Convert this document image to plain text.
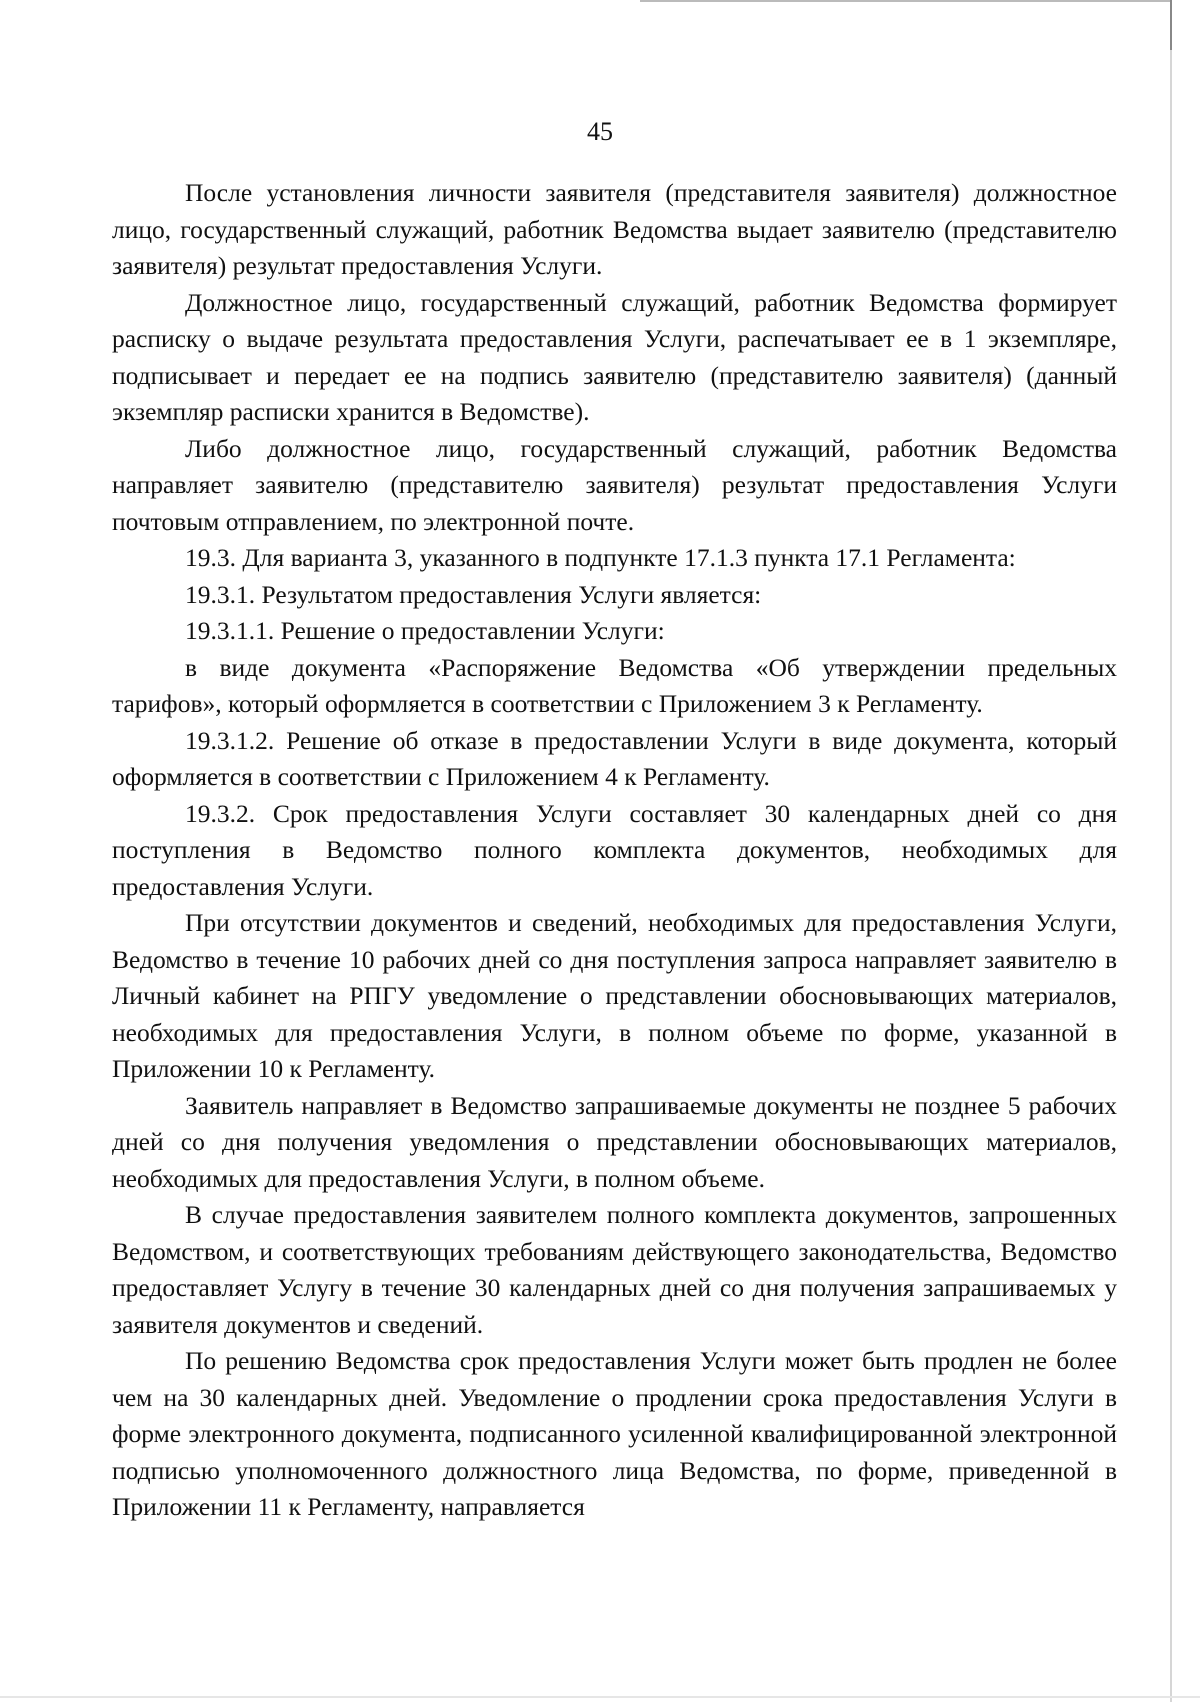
45

После установления личности заявителя (представителя заявителя) должностное лицо, государственный служащий, работник Ведомства выдает заявителю (представителю заявителя) результат предоставления Услуги.

Должностное лицо, государственный служащий, работник Ведомства формирует расписку о выдаче результата предоставления Услуги, распечатывает ее в 1 экземпляре, подписывает и передает ее на подпись заявителю (представителю заявителя) (данный экземпляр расписки хранится в Ведомстве).

Либо должностное лицо, государственный служащий, работник Ведомства направляет заявителю (представителю заявителя) результат предоставления Услуги почтовым отправлением, по электронной почте.

19.3. Для варианта 3, указанного в подпункте 17.1.3 пункта 17.1 Регламента:

19.3.1. Результатом предоставления Услуги является:

19.3.1.1. Решение о предоставлении Услуги:

в виде документа «Распоряжение Ведомства «Об утверждении предельных тарифов», который оформляется в соответствии с Приложением 3 к Регламенту.

19.3.1.2. Решение об отказе в предоставлении Услуги в виде документа, который оформляется в соответствии с Приложением 4 к Регламенту.

19.3.2. Срок предоставления Услуги составляет 30 календарных дней со дня поступления в Ведомство полного комплекта документов, необходимых для предоставления Услуги.

При отсутствии документов и сведений, необходимых для предоставления Услуги, Ведомство в течение 10 рабочих дней со дня поступления запроса направляет заявителю в Личный кабинет на РПГУ уведомление о представлении обосновывающих материалов, необходимых для предоставления Услуги, в полном объеме по форме, указанной в Приложении 10 к Регламенту.

Заявитель направляет в Ведомство запрашиваемые документы не позднее 5 рабочих дней со дня получения уведомления о представлении обосновывающих материалов, необходимых для предоставления Услуги, в полном объеме.

В случае предоставления заявителем полного комплекта документов, запрошенных Ведомством, и соответствующих требованиям действующего законодательства, Ведомство предоставляет Услугу в течение 30 календарных дней со дня получения запрашиваемых у заявителя документов и сведений.

По решению Ведомства срок предоставления Услуги может быть продлен не более чем на 30 календарных дней. Уведомление о продлении срока предоставления Услуги в форме электронного документа, подписанного усиленной квалифицированной электронной подписью уполномоченного должностного лица Ведомства, по форме, приведенной в Приложении 11 к Регламенту, направляется
